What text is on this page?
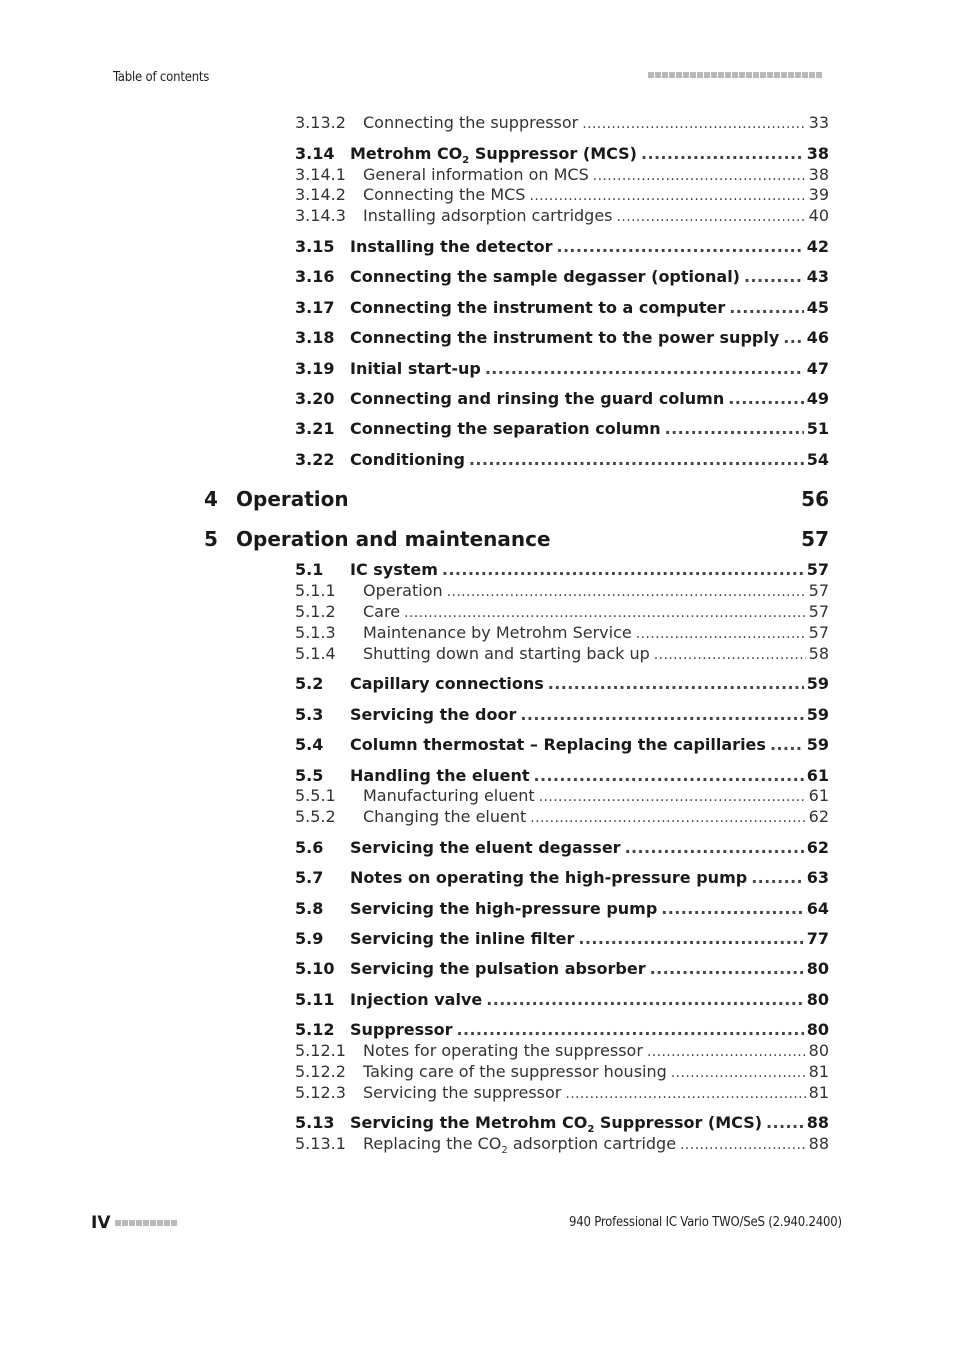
Table of contents
3.13.2	Connecting the suppressor .....	33
3.14 Metrohm $CO_2$ Suppressor (MCS) .....	38
3.14.1	General information on MCS .....	38
3.14.2	Connecting the MCS .....	39
3.14.3	Installing adsorption cartridges .....	40
3.15 Installing the detector .....	42
3.16 Connecting the sample degasser (optional) .....	43
3.17 Connecting the instrument to a computer .....	45
3.18 Connecting the instrument to the power supply ..... 46
3.19 Initial start-up .....	47
3.20 Connecting and rinsing the guard column .....	49
3.21 Connecting the separation column .....	51
3.22 Conditioning .....	54
4 Operation	56
5 Operation and maintenance	57
5.1	IC system .....	57
5.1.1	Operation .....	57
5.1.2	Care .....	57
5.1.3	Maintenance by Metrohm Service .....	57
5.1.4	Shutting down and starting back up .....	58
5.2	Capillary connections .....	59
5.3	Servicing the door .....	59
5.4	Column thermostat – Replacing the capillaries .....	59
5.5	Handling the eluent .....	61
5.5.1	Manufacturing eluent .....	61
5.5.2	Changing the eluent .....	62
5.6	Servicing the eluent degasser .....	62
5.7	Notes on operating the high-pressure pump .....	63
5.8	Servicing the high-pressure pump .....	64
5.9	Servicing the inline filter .....	77
5.10 Servicing the pulsation absorber .....	80
5.11 Injection valve .....	80
5.12 Suppressor .....	80
5.12.1	Notes for operating the suppressor .....	80
5.12.2	Taking care of the suppressor housing .....	81
5.12.3	Servicing the suppressor .....	81
5.13 Servicing the Metrohm $CO_2$ Suppressor (MCS) .....	88
5.13.1	Replacing the $CO_2$ adsorption cartridge .....	88
IV	940 Professional IC Vario TWO/SeS (2.940.2400)
